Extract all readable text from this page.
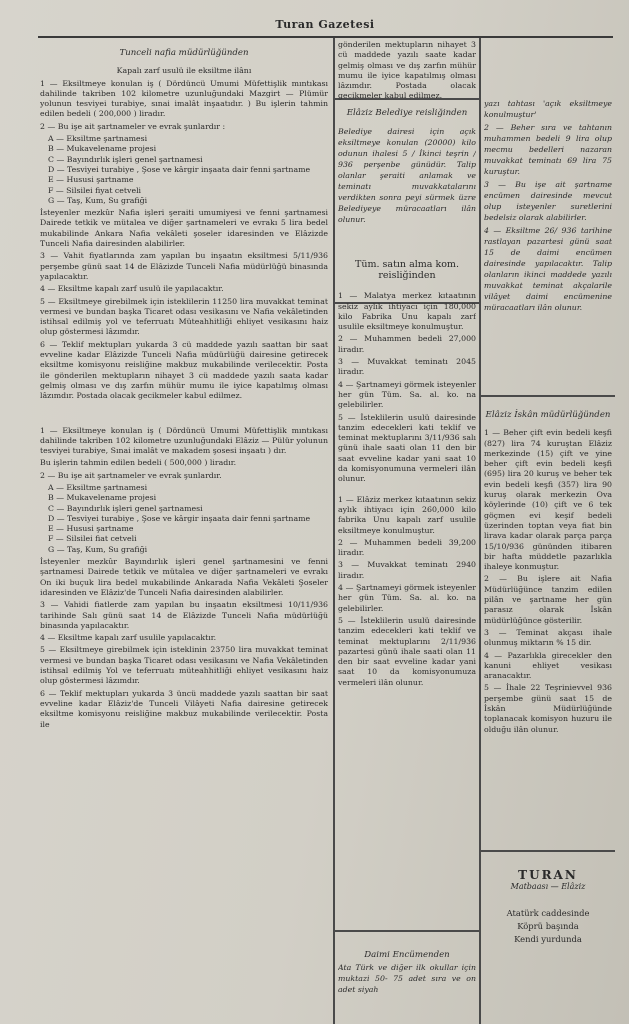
Turan Gazetesi
Tunceli nafia müdürlüğünden

Kapalı zarf usulü ile eksiltme ilânı

1 — Eksiltmeye konulan iş ( Dördüncü Umumi Müfettişlik mıntıkası dahilinde takriben 102 kilometre uzunluğundaki Mazgirt — Plümür yolunun tesviyei turabiye, sınai imalât inşaatıdır. ) Bu işlerin tahmin edilen bedeli ( 200,000 ) liradır.

2 — Bu işe ait şartnameler ve evrak şunlardır :

A — Eksiltme şartnamesi
B — Mukavelename projesi
C — Bayındırlık işleri genel şartnamesi
D — Tesviyei turabiye , Şose ve kârgir inşaata dair fenni şartname
E — Hususi şartname
F — Silsilei fiyat cetveli
G — Taş, Kum, Su grafiği

İsteyenler mezkûr Nafia işleri şeraiti umumiyesi ve fenni şartnamesi Dairede tetkik ve mütalea ve diğer şartnameleri ve evrakı 5 lira bedel mukabilinde Ankara Nafia vekâleti şoseler idaresinden ve Elâzizde Tunceli Nafia dairesinden alabilirler.

3 — Vahit fiyatlarında zam yapılan bu inşaatın eksiltmesi 5/11/936 perşembe günü saat 14 de Elâzizde Tunceli Nafia müdürlüğü binasında yapılacaktır.

4 — Eksiltme kapalı zarf usulü ile yapılacaktır.

5 — Eksiltmeye girebilmek için isteklilerin 11250 lira muvakkat teminat vermesi ve bundan başka Ticaret odası vesikasını ve Nafia vekâletinden istihsal edilmiş yol ve teferruatı Müteahhitliği ehliyet vesikasını haiz olup göstermesi lâzımdır.

6 — Teklif mektupları yukarda 3 cü maddede yazılı saattan bir saat evveline kadar Elâzizde Tunceli Nafia müdürlüğü dairesine getirecek eksiltme komisyonu reisliğine makbuz mukabilinde verilecektir. Posta ile gönderilen mektupların nihayet 3 cü maddede yazılı saata kadar gelmiş olması ve dış zarfın mühür mumu ile iyice kapatılmış olması lâzımdır. Postada olacak gecikmeler kabul edilmez.

1 — Eksiltmeye konulan iş ( Dördüncü Umumi Müfettişlik mıntıkası dahilinde takriben 102 kilometre uzunluğundaki Elâziz — Pülür yolunun tesviyei turabiye, Sınai imalât ve makadem şosesi inşaatı ) dır.

Bu işlerin tahmin edilen bedeli ( 500,000 ) liradır.

2 — Bu işe ait şartnameler ve evrak şunlardır.

A — Eksiltme şartnamesi
B — Mukavelename projesi
C — Bayındırlık işleri genel şartnamesi
D — Tesviyei turabiye , Şose ve kârgir inşaata dair fenni şartname
E — Hususi şartname
F — Silsilei fiat cetveli
G — Taş, Kum, Su grafiği

İsteyenler mezkûr Bayındırlık işleri genel şartnamesini ve fenni şartnamesi Dairede tetkik ve mütalea ve diğer şartnameleri ve evrakı On iki buçuk lira bedel mukabilinde Ankarada Nafia Vekâleti Şoseler idaresinden ve Elâziz'de Tunceli Nafia dairesinden alabilirler.

3 — Vahidi fiatlerde zam yapılan bu inşaatın eksiltmesi 10/11/936 tarihinde Salı günü saat 14 de Elâzizde Tunceli Nafia müdürlüğü binasında yapılacaktır.

4 — Eksiltme kapalı zarf usulile yapılacaktır.

5 — Eksiltmeye girebilmek için isteklinin 23750 lira muvakkat teminat vermesi ve bundan başka Ticaret odası vesikasını ve Nafia Vekâletinden istihsal edilmiş Yol ve teferruatı müteahhitliği ehliyet vesikasını haiz olup göstermesi lâzımdır.

6 — Teklif mektupları yukarda 3 üncü maddede yazılı saattan bir saat evveline kadar Elâziz'de Tunceli Vilâyeti Nafia dairesine getirecek eksiltme komisyonu reisliğine makbuz mukabilinde verilecektir. Posta ile

gönderilen mektupların nihayet 3 cü maddede yazılı saate kadar gelmiş olması ve dış zarfın mühür mumu ile iyice kapatılmış olması lâzımdır. Postada olacak gecikmeler kabul edilmez.

Elâziz Belediye reisliğinden

Belediye dairesi için açık eksiltmeye konulan (20000) kilo odunun ihalesi 5 / İkinci teşrin / 936 perşenbe günüdür. Talip olanlar şeraiti anlamak ve teminatı muvakkatalarını verdikten sonra peyi sürmek üzre Belediyeye müracaatları ilân olunur.

Tüm. satın alma kom. reisliğinden

1 — Malatya merkez kıtaatının sekiz aylık ihtiyacı için 180,000 kilo Fabrika Unu kapalı zarf usulile eksiltmeye konulmuştur.

2 — Muhammen bedeli 27,000 liradır.

3 — Muvakkat teminatı 2045 liradır.

4 — Şartnameyi görmek isteyenler her gün Tüm. Sa. al. ko. na gelebilirler.

5 — İsteklilerin usulü dairesinde tanzim edecekleri kati teklif ve teminat mektuplarını 3/11/936 salı günü ihale saati olan 11 den bir saat evveline kadar yani saat 10 da komisyonumuna vermeleri ilân olunur.

1 — Elâziz merkez kıtaatının sekiz aylık ihtiyacı için 260,000 kilo fabrika Unu kapalı zarf usulile eksiltmeye konulmuştur.

2 — Muhammen bedeli 39,200 liradır.

3 — Muvakkat teminatı 2940 liradır.

4 — Şartnameyi görmek isteyenler her gün Tüm. Sa. al. ko. na gelebilirler.

5 — İsteklilerin usulü dairesinde tanzim edecekleri kati teklif ve teminat mektuplarını 2/11/936 pazartesi günü ihale saati olan 11 den bir saat evveline kadar yani saat 10 da komisyonumuza vermeleri ilân olunur.

Daimi Encümenden

Ata Türk ve diğer ilk okullar için muktazi 50- 75 adet sıra ve on adet siyah

yazı tahtası 'açık eksiltmeye konulmuştur'

2 — Beher sıra ve tahtanın muhammen bedeli 9 lira olup mecmu bedelleri nazaran muvakkat teminatı 69 lira 75 kuruştur.

3 — Bu işe ait şartname encümen dairesinde mevcut olup isteyenler suretlerini bedelsiz olarak alabilirler.

4 — Eksiltme 26/ 936 tarihine rastlayan pazartesi günü saat 15 de daimi encümen dairesinde yapılacaktır. Talip olanların ikinci maddede yazılı muvakkat teminat akçalarile vilâyet daimi encümenine müracaatları ilân olunur.

Elâziz İskân müdürlüğünden

1 — Beher çift evin bedeli keşfi (827) lira 74 kuruştan Elâziz merkezinde (15) çift ve yine beher çift evin bedeli keşfi (695) lira 20 kuruş ve beher tek evin bedeli keşfi (357) lira 90 kuruş olarak merkezin Ova köylerinde (10) çift ve 6 tek göçmen evi keşif bedeli üzerinden toptan veya fiat bin lirava kadar olarak parça parça 15/10/936 gününden itibaren bir hafta müddetle pazarlıkla ihaleye konmuştur.

2 — Bu işlere ait Nafia Müdürlüğünce tanzim edilen pilân ve şartname her gün parasız olarak İskân müdürlüğünce gösterilir.

3 — Teminat akçası ihale olunmuş miktarın % 15 dir.

4 — Pazarlıkla girecekler den kanuni ehliyet vesikası aranacaktır.

5 — İhale 22 Teşrinievvel 936 perşembe günü saat 15 de İskân Müdürlüğünde toplanacak komisyon huzuru ile olduğu ilân olunur.

TURAN
Matbaası — Elâziz
Atatürk caddesinde
Köprü başında
Kendi yurdunda
